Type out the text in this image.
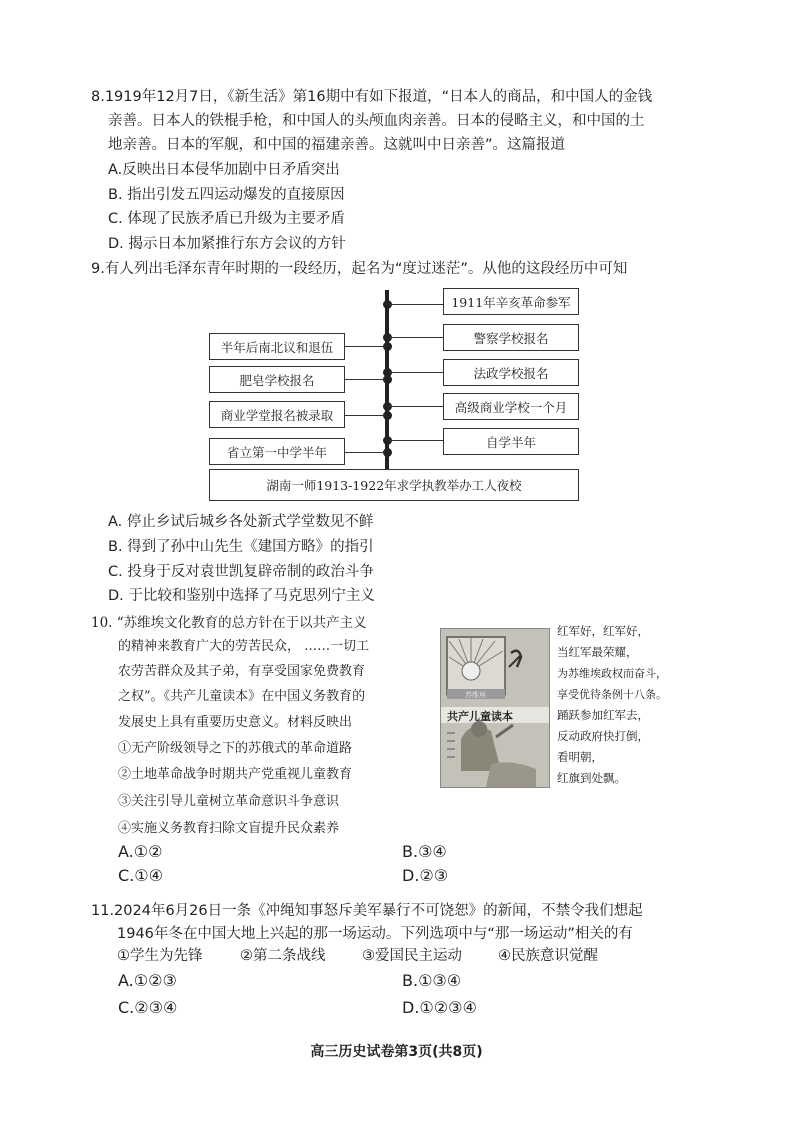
8.1919年12月7日，《新生活》第16期中有如下报道，“日本人的商品，和中国人的金钱
亲善。日本人的铁棍手枪，和中国人的头颅血肉亲善。日本的侵略主义，和中国的土
地亲善。日本的军舰，和中国的福建亲善。这就叫中日亲善”。这篇报道
A.反映出日本侵华加剧中日矛盾突出
B. 指出引发五四运动爆发的直接原因
C. 体现了民族矛盾已升级为主要矛盾
D. 揭示日本加紧推行东方会议的方针
9.有人列出毛泽东青年时期的一段经历，起名为“度过迷茫”。从他的这段经历中可知
1911年辛亥革命参军
警察学校报名
法政学校报名
高级商业学校一个月
自学半年
半年后南北议和退伍
肥皂学校报名
商业学堂报名被录取
省立第一中学半年
湖南一师1913-1922年求学执教举办工人夜校
A. 停止乡试后城乡各处新式学堂数见不鲜
B. 得到了孙中山先生《建国方略》的指引
C. 投身于反对袁世凯复辟帝制的政治斗争
D. 于比较和鉴别中选择了马克思列宁主义
10. “苏维埃文化教育的总方针在于以共产主义
的精神来教育广大的劳苦民众， ……一切工
农劳苦群众及其子弟，有享受国家免费教育
之权”。《共产儿童读本》在中国义务教育的
发展史上具有重要历史意义。材料反映出
①无产阶级领导之下的苏俄式的革命道路
②土地革命战争时期共产党重视儿童教育
③关注引导儿童树立革命意识斗争意识
④实施义务教育扫除文盲提升民众素养
A.①②	B.③④
C.①④	D.②③
苏维埃
共产儿童读本
红军好，红军好，
当红军最荣耀，
为苏维埃政权而奋斗，
享受优待条例十八条。
踊跃参加红军去，
反动政府快打倒，
看明朝，
红旗到处飘。
11.2024年6月26日一条《冲绳知事怒斥美军暴行不可饶恕》的新闻，不禁令我们想起
1946年冬在中国大地上兴起的那一场运动。下列选项中与“那一场运动”相关的有
①学生为先锋	②第二条战线	③爱国民主运动 ④民族意识觉醒
A.①②③	B.①③④
C.②③④	D.①②③④
高三历史试卷第3页(共8页)
